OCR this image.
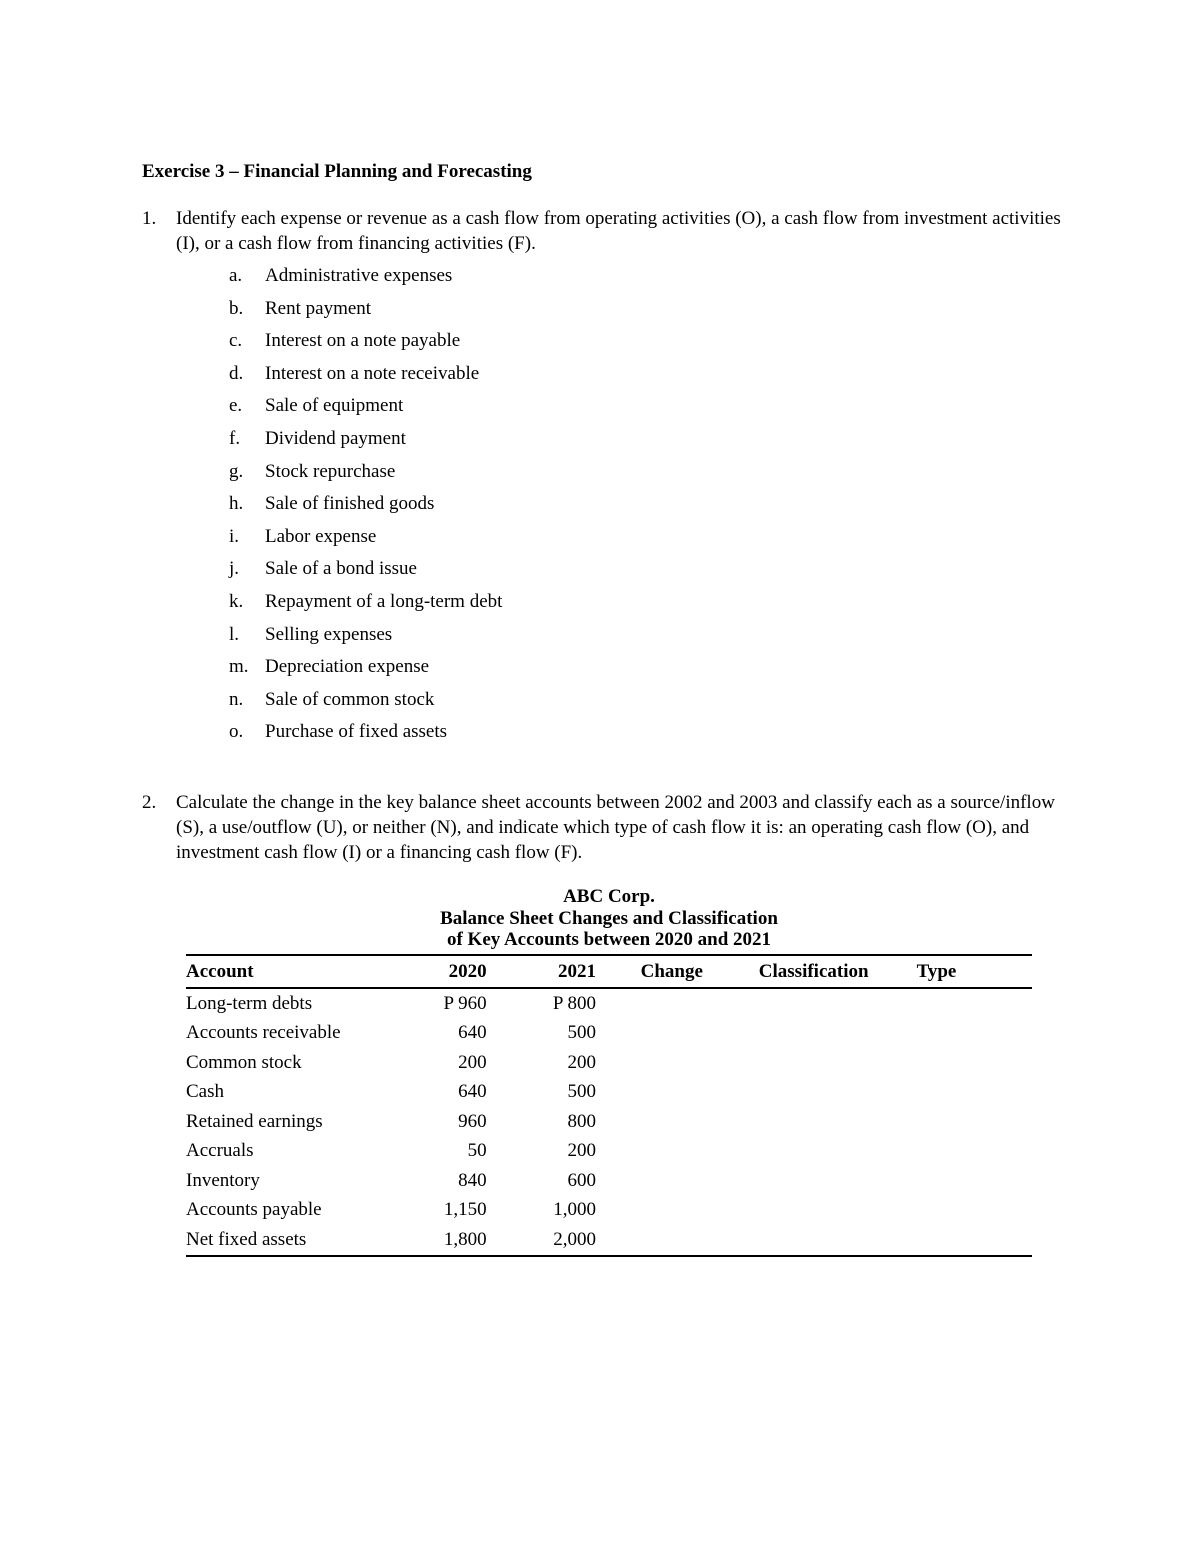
Exercise 3 – Financial Planning and Forecasting
1. Identify each expense or revenue as a cash flow from operating activities (O), a cash flow from investment activities (I), or a cash flow from financing activities (F).
a. Administrative expenses
b. Rent payment
c. Interest on a note payable
d. Interest on a note receivable
e. Sale of equipment
f. Dividend payment
g. Stock repurchase
h. Sale of finished goods
i. Labor expense
j. Sale of a bond issue
k. Repayment of a long-term debt
l. Selling expenses
m. Depreciation expense
n. Sale of common stock
o. Purchase of fixed assets
2. Calculate the change in the key balance sheet accounts between 2002 and 2003 and classify each as a source/inflow (S), a use/outflow (U), or neither (N), and indicate which type of cash flow it is: an operating cash flow (O), and investment cash flow (I) or a financing cash flow (F).
ABC Corp.
Balance Sheet Changes and Classification
of Key Accounts between 2020 and 2021
Account	2020	2021	Change	Classification	Type
Long-term debts	P 960	P 800			
Accounts receivable	640	500			
Common stock	200	200			
Cash	640	500			
Retained earnings	960	800			
Accruals	50	200			
Inventory	840	600			
Accounts payable	1,150	1,000			
Net fixed assets	1,800	2,000			
